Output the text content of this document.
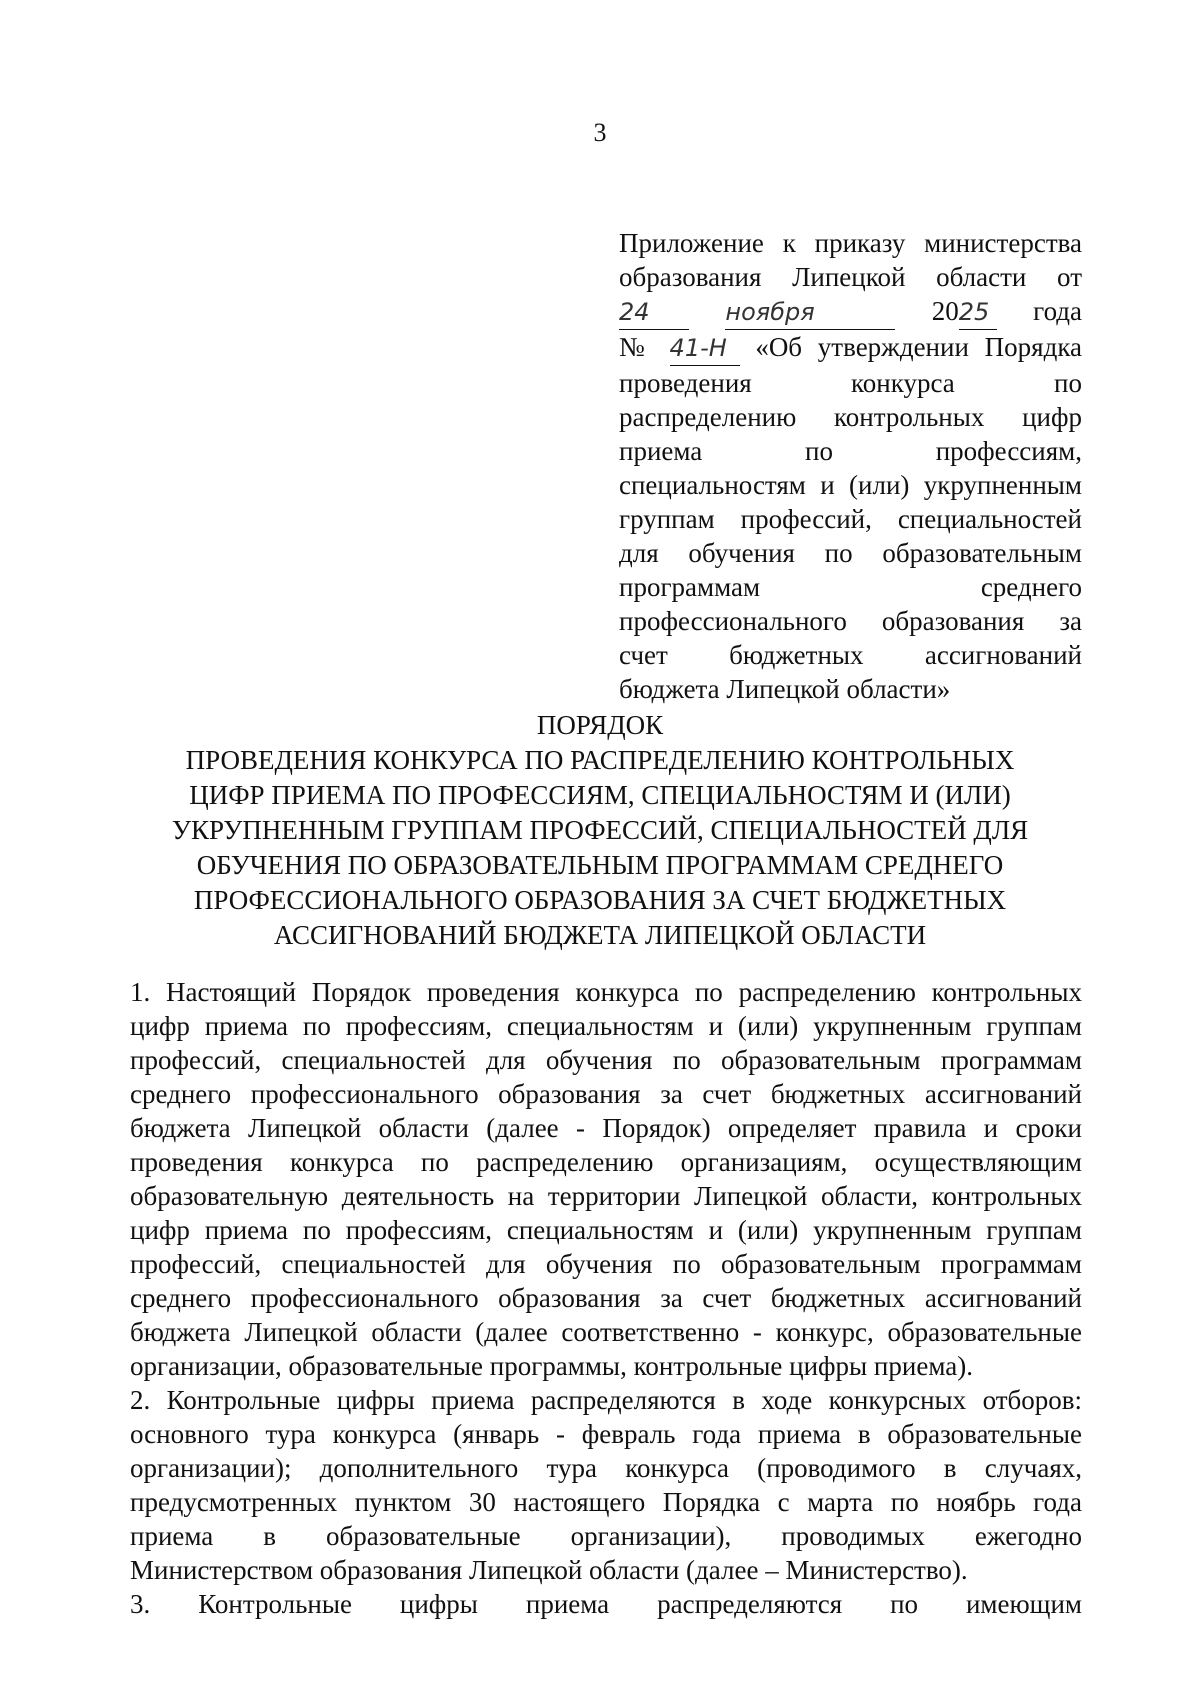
3
Приложение к приказу министерства
образования Липецкой области от
24	ноября	2025 года
№ 41-Н «Об утверждении Порядка
проведения конкурса по
распределению контрольных цифр
приема по профессиям,
специальностям и (или) укрупненным
группам профессий, специальностей
для обучения по образовательным
программам среднего
профессионального образования за
счет бюджетных ассигнований
бюджета Липецкой области»
ПОРЯДОК
ПРОВЕДЕНИЯ КОНКУРСА ПО РАСПРЕДЕЛЕНИЮ КОНТРОЛЬНЫХ
ЦИФР ПРИЕМА ПО ПРОФЕССИЯМ, СПЕЦИАЛЬНОСТЯМ И (ИЛИ)
УКРУПНЕННЫМ ГРУППАМ ПРОФЕССИЙ, СПЕЦИАЛЬНОСТЕЙ ДЛЯ
ОБУЧЕНИЯ ПО ОБРАЗОВАТЕЛЬНЫМ ПРОГРАММАМ СРЕДНЕГО
ПРОФЕССИОНАЛЬНОГО ОБРАЗОВАНИЯ ЗА СЧЕТ БЮДЖЕТНЫХ
АССИГНОВАНИЙ БЮДЖЕТА ЛИПЕЦКОЙ ОБЛАСТИ
1. Настоящий Порядок проведения конкурса по распределению контрольных
цифр приема по профессиям, специальностям и (или) укрупненным группам
профессий, специальностей для обучения по образовательным программам
среднего профессионального образования за счет бюджетных ассигнований
бюджета Липецкой области (далее - Порядок) определяет правила и сроки
проведения конкурса по распределению организациям, осуществляющим
образовательную деятельность на территории Липецкой области, контрольных
цифр приема по профессиям, специальностям и (или) укрупненным группам
профессий, специальностей для обучения по образовательным программам
среднего профессионального образования за счет бюджетных ассигнований
бюджета Липецкой области (далее соответственно - конкурс, образовательные
организации, образовательные программы, контрольные цифры приема).
2. Контрольные цифры приема распределяются в ходе конкурсных отборов:
основного тура конкурса (январь - февраль года приема в образовательные
организации); дополнительного тура конкурса (проводимого в случаях,
предусмотренных пунктом 30 настоящего Порядка с марта по ноябрь года
приема в образовательные организации), проводимых ежегодно
Министерством образования Липецкой области (далее – Министерство).
3. Контрольные цифры приема распределяются по имеющим
